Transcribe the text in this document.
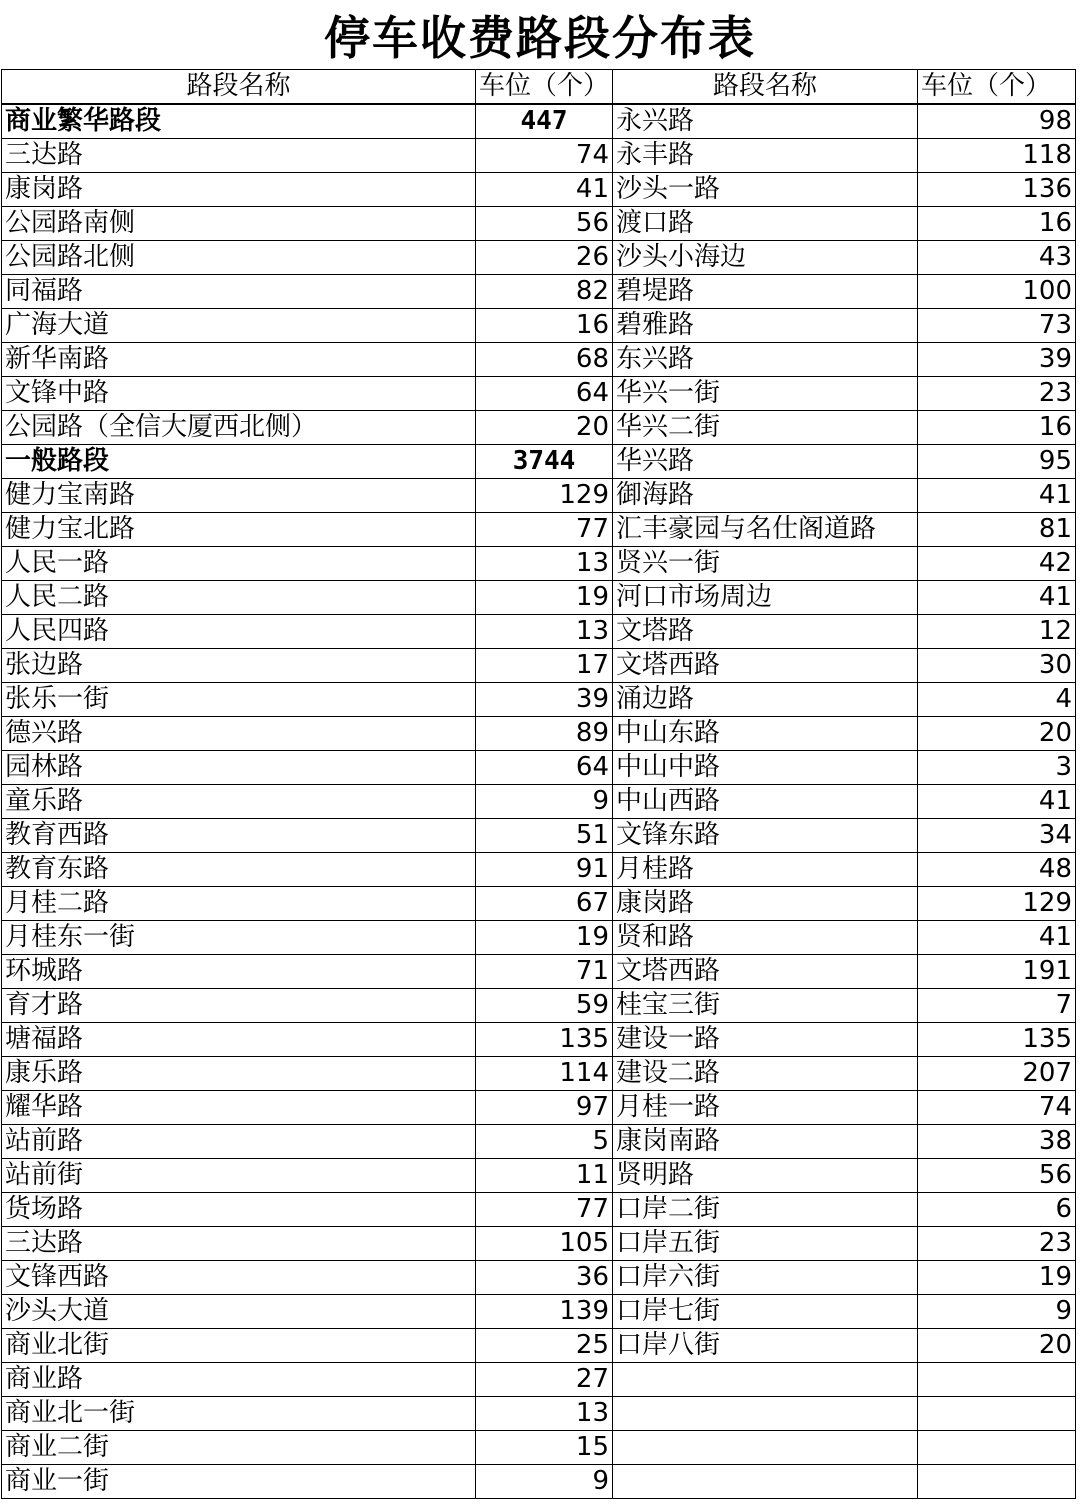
停车收费路段分布表
路段名称	车位（个）	路段名称	车位（个）
商业繁华路段	447	永兴路	98
三达路	74	永丰路	118
康岗路	41	沙头一路	136
公园路南侧	56	渡口路	16
公园路北侧	26	沙头小海边	43
同福路	82	碧堤路	100
广海大道	16	碧雅路	73
新华南路	68	东兴路	39
文锋中路	64	华兴一街	23
公园路（全信大厦西北侧）	20	华兴二街	16
一般路段	3744	华兴路	95
健力宝南路	129	御海路	41
健力宝北路	77	汇丰豪园与名仕阁道路	81
人民一路	13	贤兴一街	42
人民二路	19	河口市场周边	41
人民四路	13	文塔路	12
张边路	17	文塔西路	30
张乐一街	39	涌边路	4
德兴路	89	中山东路	20
园林路	64	中山中路	3
童乐路	9	中山西路	41
教育西路	51	文锋东路	34
教育东路	91	月桂路	48
月桂二路	67	康岗路	129
月桂东一街	19	贤和路	41
环城路	71	文塔西路	191
育才路	59	桂宝三街	7
塘福路	135	建设一路	135
康乐路	114	建设二路	207
耀华路	97	月桂一路	74
站前路	5	康岗南路	38
站前街	11	贤明路	56
货场路	77	口岸二街	6
三达路	105	口岸五街	23
文锋西路	36	口岸六街	19
沙头大道	139	口岸七街	9
商业北街	25	口岸八街	20
商业路	27		
商业北一街	13		
商业二街	15		
商业一街	9		
